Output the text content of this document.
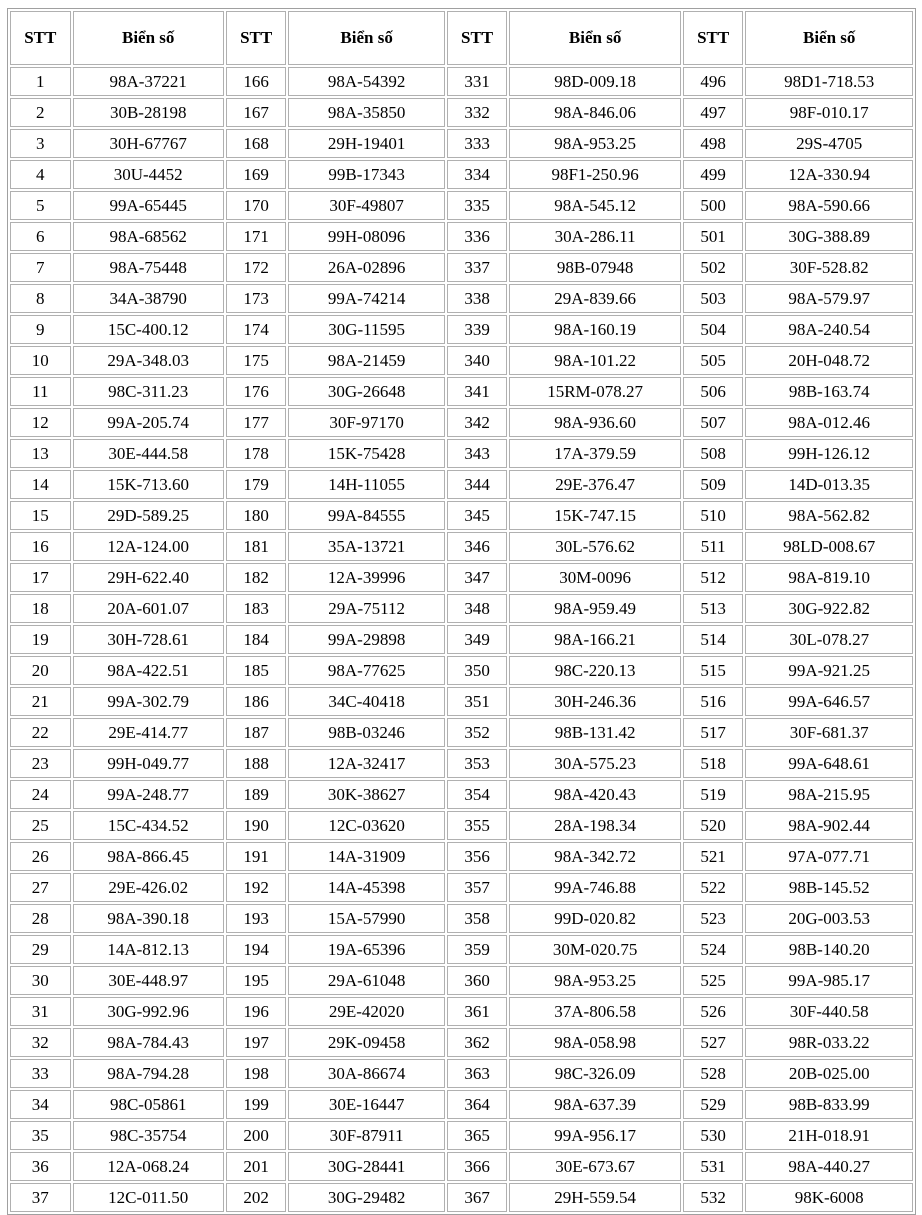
STT	Biển số	STT	Biển số	STT	Biển số	STT	Biển số
1	98A-37221	166	98A-54392	331	98D-009.18	496	98D1-718.53
2	30B-28198	167	98A-35850	332	98A-846.06	497	98F-010.17
3	30H-67767	168	29H-19401	333	98A-953.25	498	29S-4705
4	30U-4452	169	99B-17343	334	98F1-250.96	499	12A-330.94
5	99A-65445	170	30F-49807	335	98A-545.12	500	98A-590.66
6	98A-68562	171	99H-08096	336	30A-286.11	501	30G-388.89
7	98A-75448	172	26A-02896	337	98B-07948	502	30F-528.82
8	34A-38790	173	99A-74214	338	29A-839.66	503	98A-579.97
9	15C-400.12	174	30G-11595	339	98A-160.19	504	98A-240.54
10	29A-348.03	175	98A-21459	340	98A-101.22	505	20H-048.72
11	98C-311.23	176	30G-26648	341	15RM-078.27	506	98B-163.74
12	99A-205.74	177	30F-97170	342	98A-936.60	507	98A-012.46
13	30E-444.58	178	15K-75428	343	17A-379.59	508	99H-126.12
14	15K-713.60	179	14H-11055	344	29E-376.47	509	14D-013.35
15	29D-589.25	180	99A-84555	345	15K-747.15	510	98A-562.82
16	12A-124.00	181	35A-13721	346	30L-576.62	511	98LD-008.67
17	29H-622.40	182	12A-39996	347	30M-0096	512	98A-819.10
18	20A-601.07	183	29A-75112	348	98A-959.49	513	30G-922.82
19	30H-728.61	184	99A-29898	349	98A-166.21	514	30L-078.27
20	98A-422.51	185	98A-77625	350	98C-220.13	515	99A-921.25
21	99A-302.79	186	34C-40418	351	30H-246.36	516	99A-646.57
22	29E-414.77	187	98B-03246	352	98B-131.42	517	30F-681.37
23	99H-049.77	188	12A-32417	353	30A-575.23	518	99A-648.61
24	99A-248.77	189	30K-38627	354	98A-420.43	519	98A-215.95
25	15C-434.52	190	12C-03620	355	28A-198.34	520	98A-902.44
26	98A-866.45	191	14A-31909	356	98A-342.72	521	97A-077.71
27	29E-426.02	192	14A-45398	357	99A-746.88	522	98B-145.52
28	98A-390.18	193	15A-57990	358	99D-020.82	523	20G-003.53
29	14A-812.13	194	19A-65396	359	30M-020.75	524	98B-140.20
30	30E-448.97	195	29A-61048	360	98A-953.25	525	99A-985.17
31	30G-992.96	196	29E-42020	361	37A-806.58	526	30F-440.58
32	98A-784.43	197	29K-09458	362	98A-058.98	527	98R-033.22
33	98A-794.28	198	30A-86674	363	98C-326.09	528	20B-025.00
34	98C-05861	199	30E-16447	364	98A-637.39	529	98B-833.99
35	98C-35754	200	30F-87911	365	99A-956.17	530	21H-018.91
36	12A-068.24	201	30G-28441	366	30E-673.67	531	98A-440.27
37	12C-011.50	202	30G-29482	367	29H-559.54	532	98K-6008
